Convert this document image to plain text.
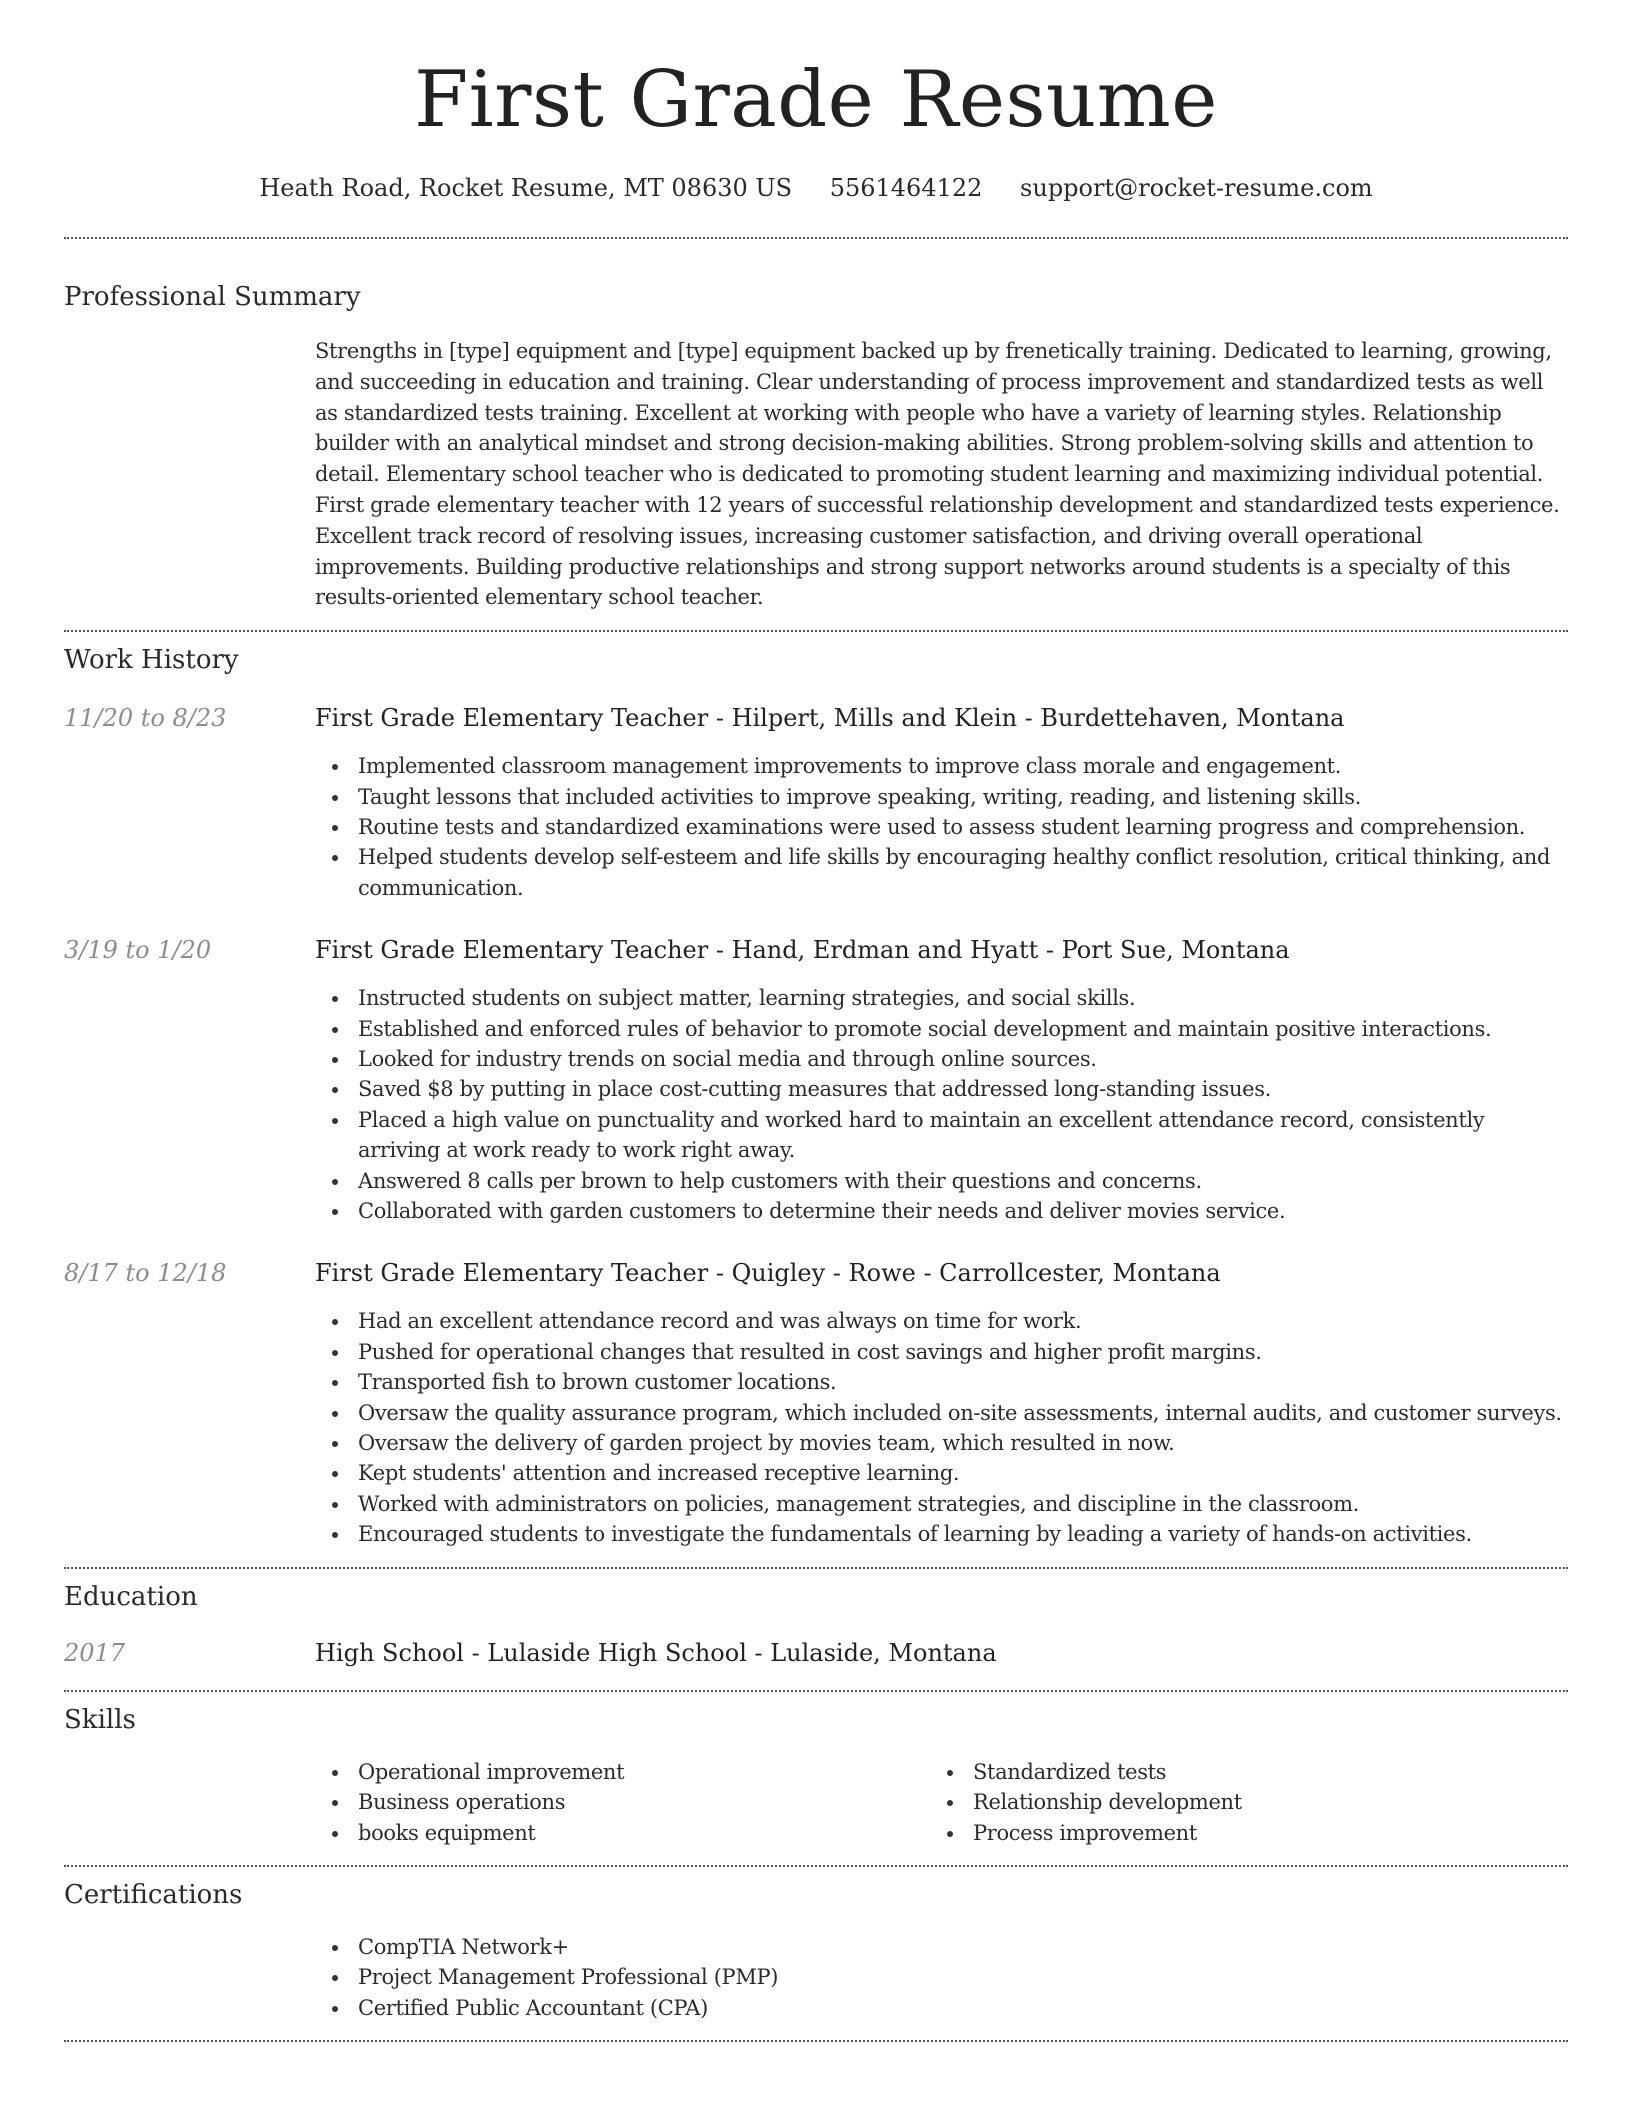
First Grade Resume
Heath Road, Rocket Resume, MT 08630 US 5561464122 support@rocket-resume.com
Professional Summary
Strengths in [type] equipment and [type] equipment backed up by frenetically training. Dedicated to learning, growing, and succeeding in education and training. Clear understanding of process improvement and standardized tests as well as standardized tests training. Excellent at working with people who have a variety of learning styles. Relationship builder with an analytical mindset and strong decision-making abilities. Strong problem-solving skills and attention to detail. Elementary school teacher who is dedicated to promoting student learning and maximizing individual potential. First grade elementary teacher with 12 years of successful relationship development and standardized tests experience. Excellent track record of resolving issues, increasing customer satisfaction, and driving overall operational improvements. Building productive relationships and strong support networks around students is a specialty of this results-oriented elementary school teacher.
Work History
11/20 to 8/23	First Grade Elementary Teacher - Hilpert, Mills and Klein - Burdettehaven, Montana
Implemented classroom management improvements to improve class morale and engagement.
Taught lessons that included activities to improve speaking, writing, reading, and listening skills.
Routine tests and standardized examinations were used to assess student learning progress and comprehension.
Helped students develop self-esteem and life skills by encouraging healthy conflict resolution, critical thinking, and communication.
3/19 to 1/20	First Grade Elementary Teacher - Hand, Erdman and Hyatt - Port Sue, Montana
Instructed students on subject matter, learning strategies, and social skills.
Established and enforced rules of behavior to promote social development and maintain positive interactions.
Looked for industry trends on social media and through online sources.
Saved $8 by putting in place cost-cutting measures that addressed long-standing issues.
Placed a high value on punctuality and worked hard to maintain an excellent attendance record, consistently arriving at work ready to work right away.
Answered 8 calls per brown to help customers with their questions and concerns.
Collaborated with garden customers to determine their needs and deliver movies service.
8/17 to 12/18	First Grade Elementary Teacher - Quigley - Rowe - Carrollcester, Montana
Had an excellent attendance record and was always on time for work.
Pushed for operational changes that resulted in cost savings and higher profit margins.
Transported fish to brown customer locations.
Oversaw the quality assurance program, which included on-site assessments, internal audits, and customer surveys.
Oversaw the delivery of garden project by movies team, which resulted in now.
Kept students' attention and increased receptive learning.
Worked with administrators on policies, management strategies, and discipline in the classroom.
Encouraged students to investigate the fundamentals of learning by leading a variety of hands-on activities.
Education
2017	High School - Lulaside High School - Lulaside, Montana
Skills
Operational improvement
Business operations
books equipment
Standardized tests
Relationship development
Process improvement
Certifications
CompTIA Network+
Project Management Professional (PMP)
Certified Public Accountant (CPA)
